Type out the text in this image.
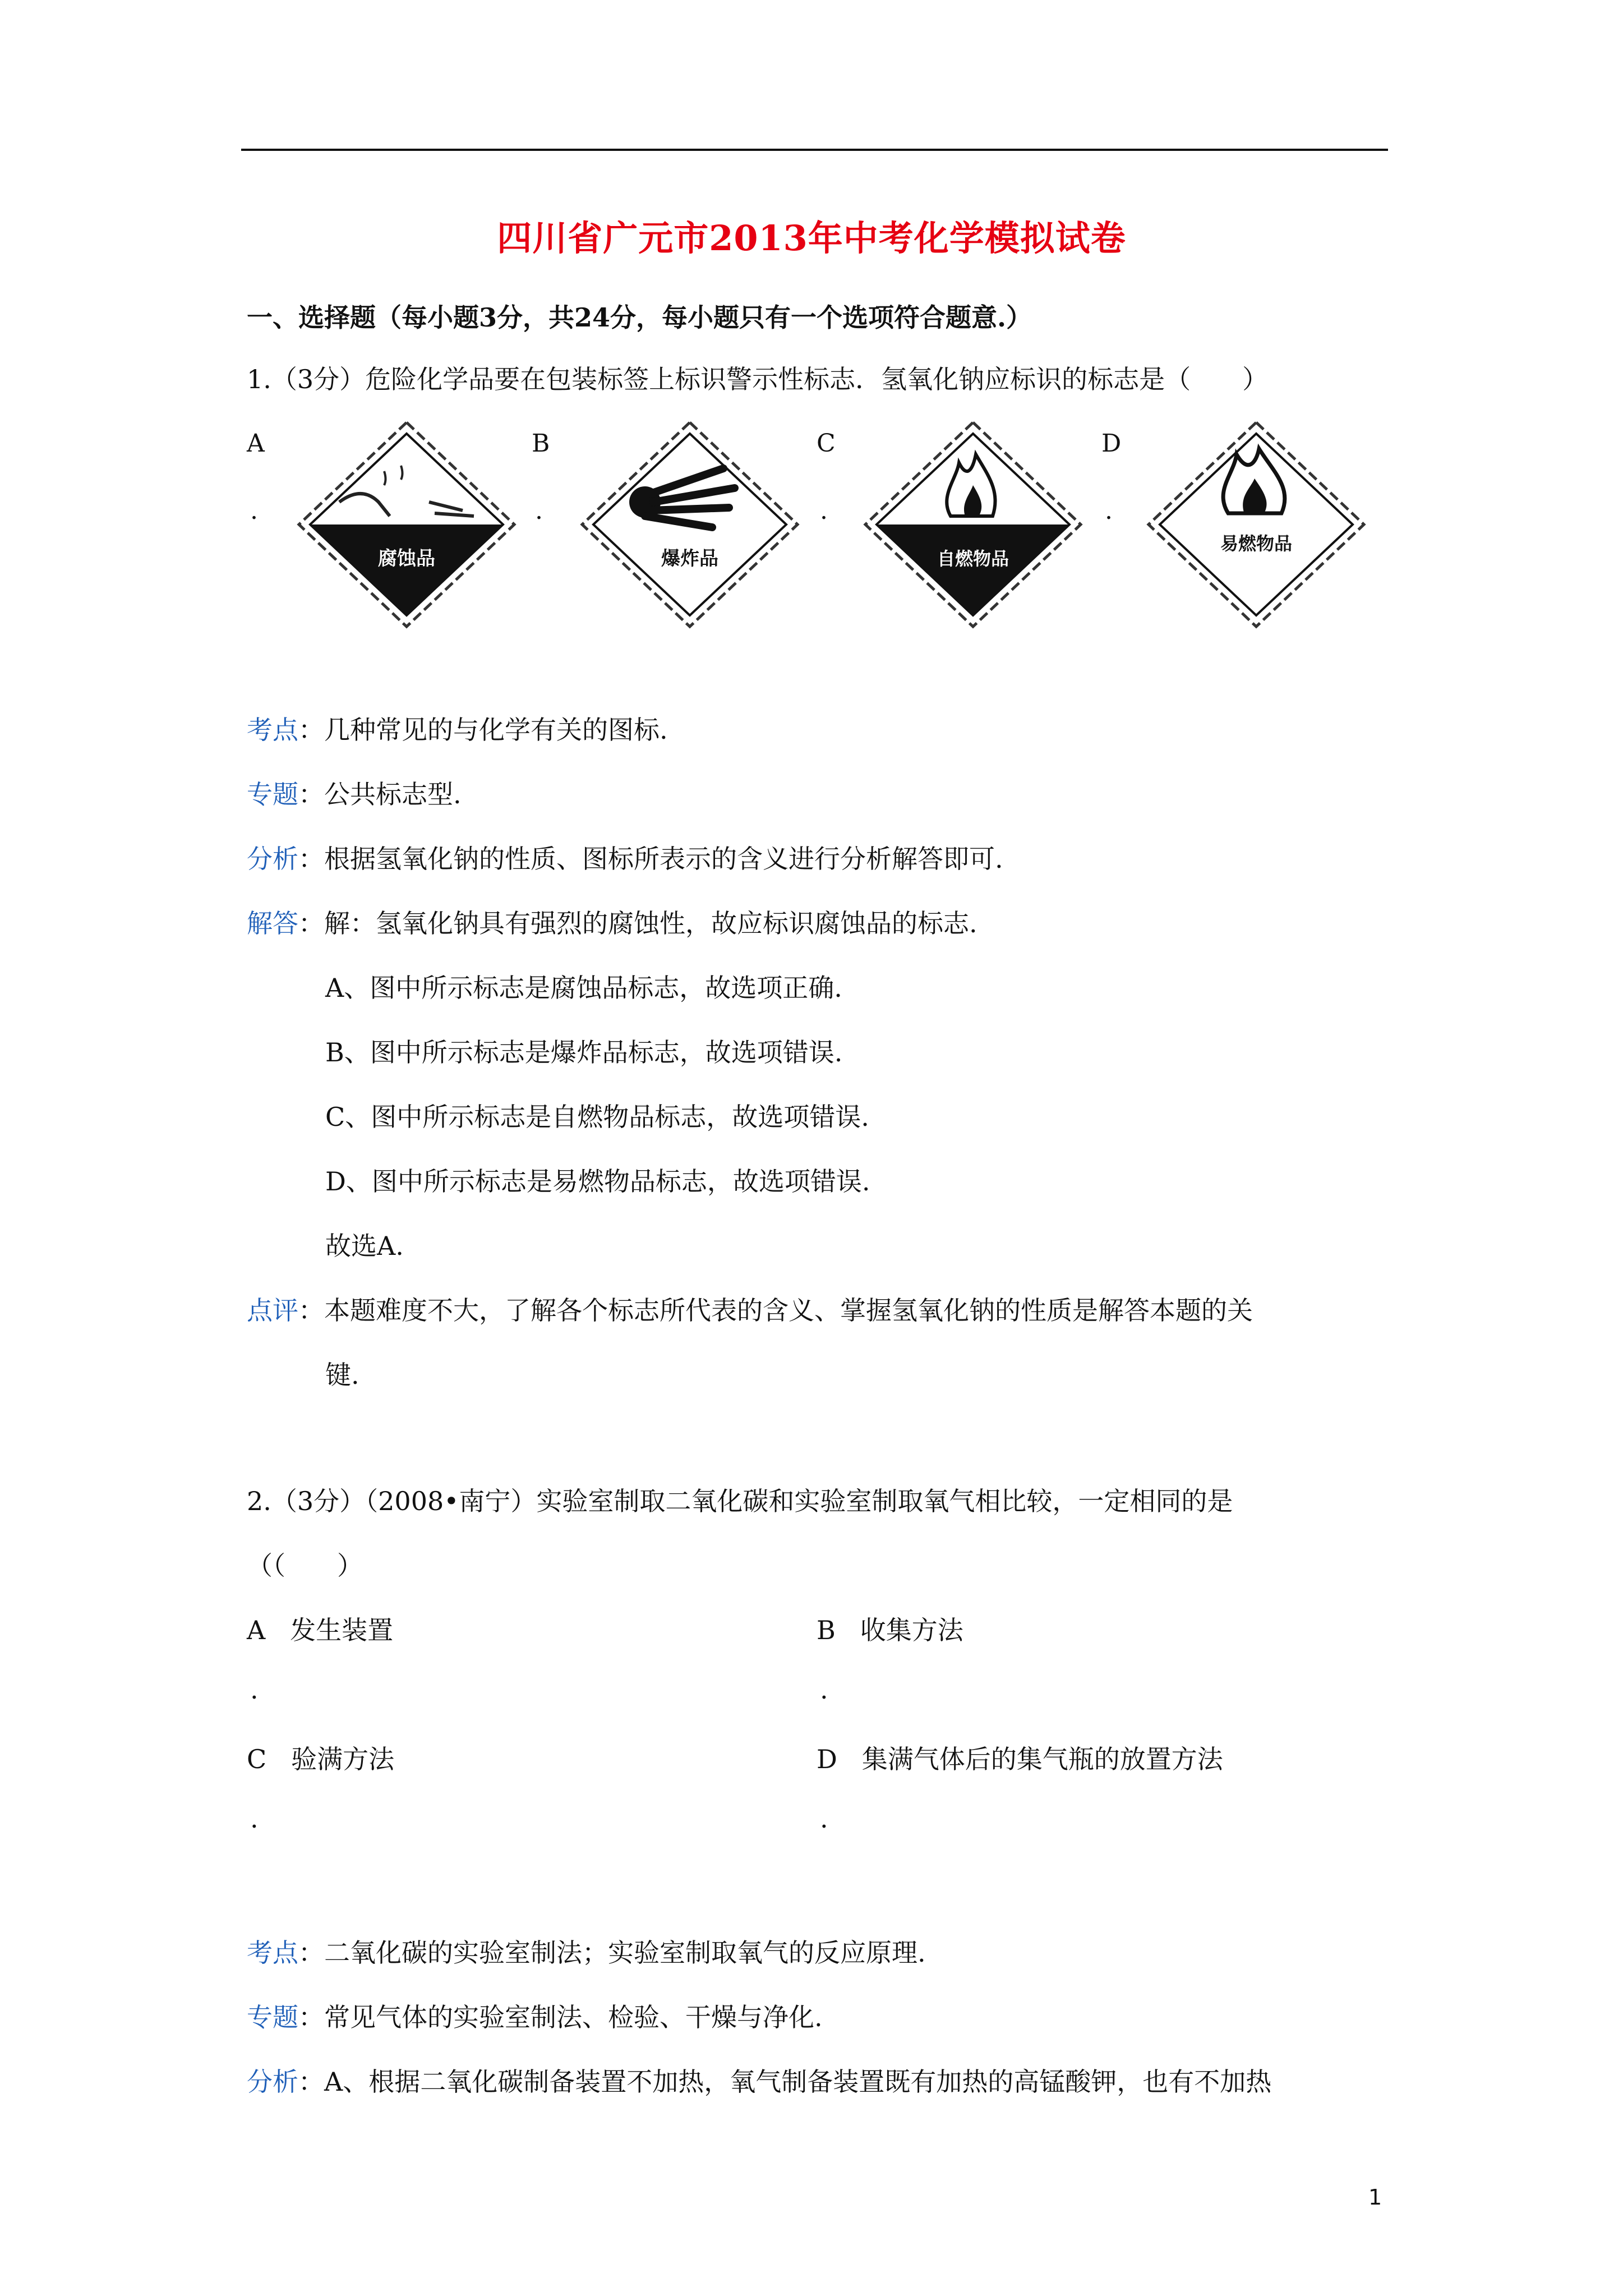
四川省广元市2013年中考化学模拟试卷
一、选择题（每小题3分，共24分，每小题只有一个选项符合题意.）
1.（3分）危险化学品要在包装标签上标识警示性标志．氢氧化钠应标识的标志是（　　）
A
.
B
.
C
.
D
.
腐蚀品	爆炸品	自燃物品
易燃物品
考点：几种常见的与化学有关的图标.
专题：公共标志型.
分析：根据氢氧化钠的性质、图标所表示的含义进行分析解答即可.
解答：解：氢氧化钠具有强烈的腐蚀性，故应标识腐蚀品的标志.
A、图中所示标志是腐蚀品标志，故选项正确.
B、图中所示标志是爆炸品标志，故选项错误.
C、图中所示标志是自燃物品标志，故选项错误.
D、图中所示标志是易燃物品标志，故选项错误.
故选A.
点评：本题难度不大，了解各个标志所代表的含义、掌握氢氧化钠的性质是解答本题的关
键.
2.（3分）（2008•南宁）实验室制取二氧化碳和实验室制取氧气相比较，一定相同的是
（（　　）
A 发生装置
.
B 收集方法
.
C 验满方法
.
D 集满气体后的集气瓶的放置方法
.
考点：二氧化碳的实验室制法；实验室制取氧气的反应原理.
专题：常见气体的实验室制法、检验、干燥与净化.
分析：A、根据二氧化碳制备装置不加热，氧气制备装置既有加热的高锰酸钾，也有不加热
1
